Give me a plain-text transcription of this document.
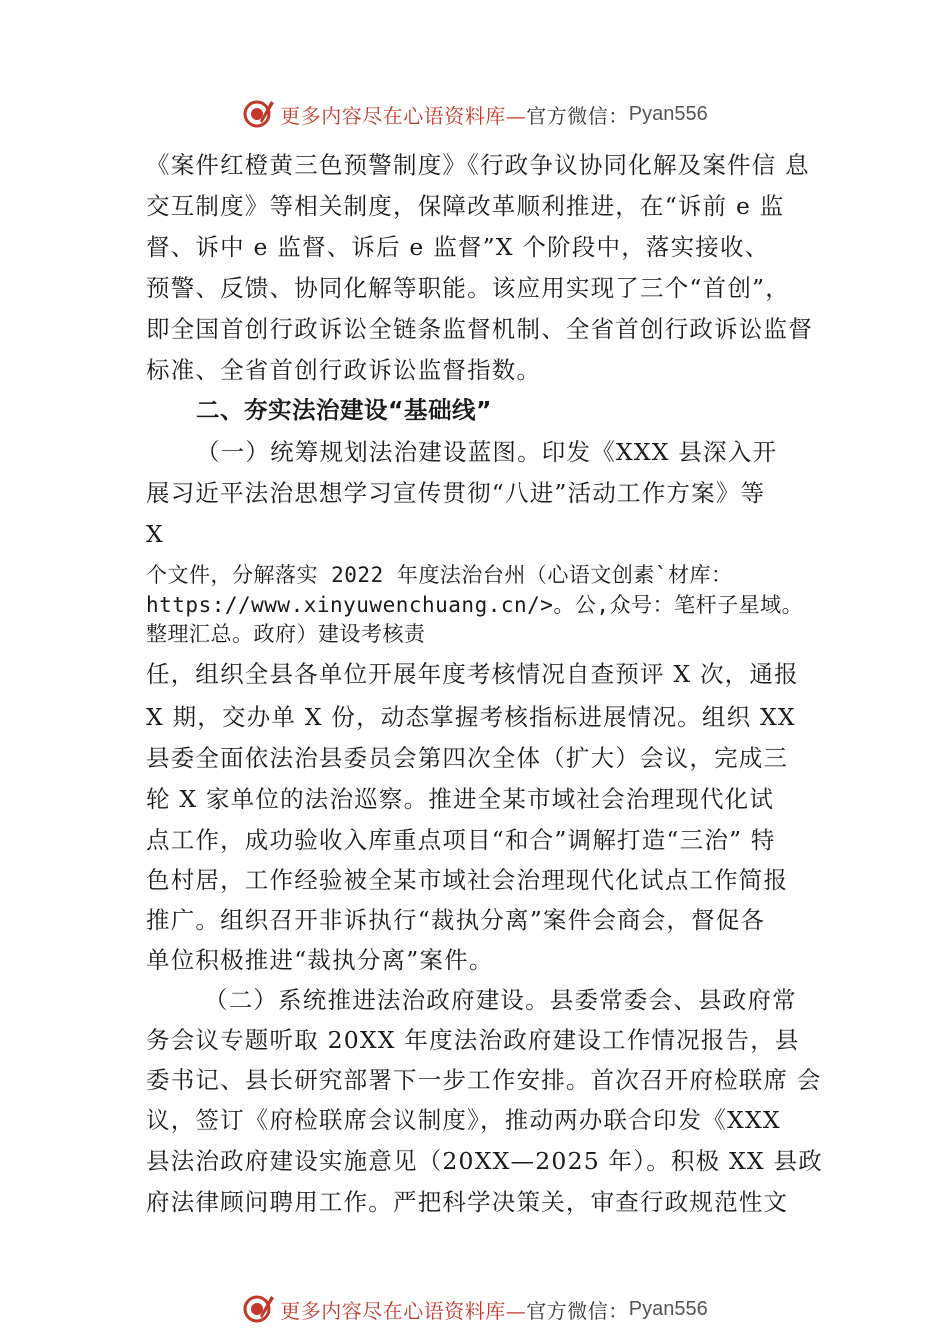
更多内容尽在心语资料库— 官方微信： Pyan556
《案件红橙黄三色预警制度》《行政争议协同化解及案件信 息
交互制度》等相关制度，保障改革顺利推进，在“诉前 e 监
督、诉中 e 监督、诉后 e 监督”X 个阶段中，落实接收、
预警、反馈、协同化解等职能。该应用实现了三个“首创”，
即全国首创行政诉讼全链条监督机制、全省首创行政诉讼监督
标准、全省首创行政诉讼监督指数。
二、夯实法治建设“基础线”
（一）统筹规划法治建设蓝图。印发《XXX 县深入开
展习近平法治思想学习宣传贯彻“八进”活动工作方案》等
X
个文件，分解落实 2022 年度法治台州（心语文创素`材库：
https://www.xinyuwenchuang.cn/>。公,众号：笔杆子星域。
整理汇总。政府）建设考核责
任，组织全县各单位开展年度考核情况自查预评 X 次，通报
X 期，交办单 X 份，动态掌握考核指标进展情况。组织 XX
县委全面依法治县委员会第四次全体（扩大）会议，完成三
轮 X 家单位的法治巡察。推进全某市域社会治理现代化试
点工作，成功验收入库重点项目“和合”调解打造“三治” 特
色村居，工作经验被全某市域社会治理现代化试点工作简报
推广。组织召开非诉执行“裁执分离”案件会商会，督促各
单位积极推进“裁执分离”案件。
（二）系统推进法治政府建设。县委常委会、县政府常
务会议专题听取 20XX 年度法治政府建设工作情况报告，县
委书记、县长研究部署下一步工作安排。首次召开府检联席 会
议，签订《府检联席会议制度》，推动两办联合印发《XXX
县法治政府建设实施意见（20XX—2025 年）。积极 XX 县政
府法律顾问聘用工作。严把科学决策关，审查行政规范性文
更多内容尽在心语资料库— 官方微信： Pyan556
